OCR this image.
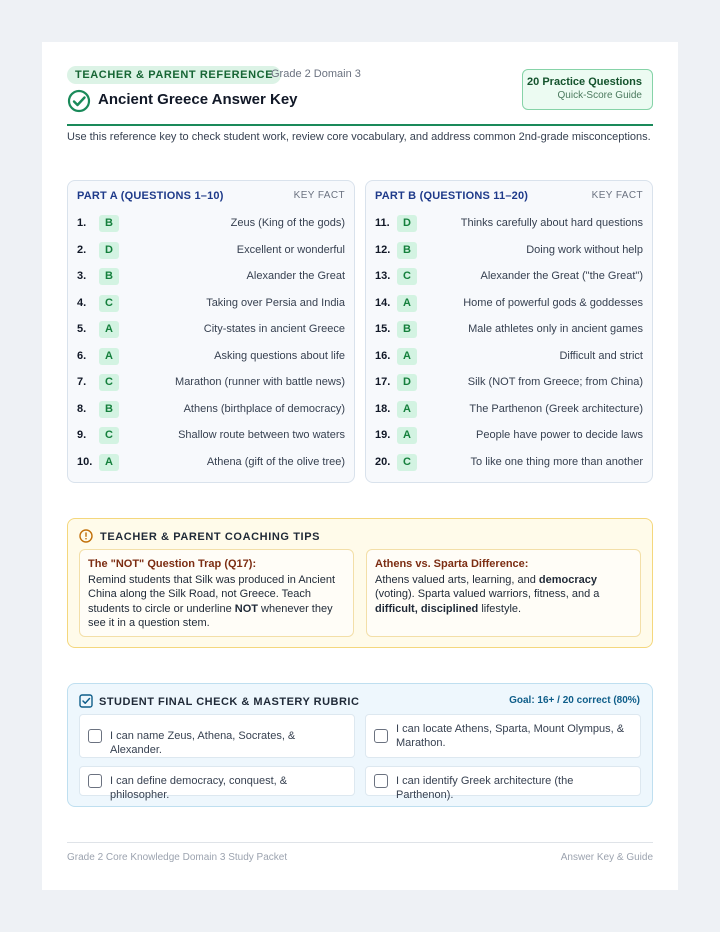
TEACHER & PARENT REFERENCE
Grade 2 Domain 3
Ancient Greece Answer Key
20 Practice Questions
Quick-Score Guide
Use this reference key to check student work, review core vocabulary, and address common 2nd-grade misconceptions.
PART A (QUESTIONS 1–10)	KEY FACT
1.	B	Zeus (King of the gods)
2.	D	Excellent or wonderful
3.	B	Alexander the Great
4.	C	Taking over Persia and India
5.	A	City-states in ancient Greece
6.	A	Asking questions about life
7.	C	Marathon (runner with battle news)
8.	B	Athens (birthplace of democracy)
9.	C	Shallow route between two waters
10.	A	Athena (gift of the olive tree)
PART B (QUESTIONS 11–20)	KEY FACT
11.	D	Thinks carefully about hard questions
12.	B	Doing work without help
13.	C	Alexander the Great ("the Great")
14.	A	Home of powerful gods & goddesses
15.	B	Male athletes only in ancient games
16.	A	Difficult and strict
17.	D	Silk (NOT from Greece; from China)
18.	A	The Parthenon (Greek architecture)
19.	A	People have power to decide laws
20.	C	To like one thing more than another
TEACHER & PARENT COACHING TIPS
The "NOT" Question Trap (Q17):
Remind students that Silk was produced in Ancient China along the Silk Road, not Greece. Teach students to circle or underline NOT whenever they see it in a question stem.
Athens vs. Sparta Difference:
Athens valued arts, learning, and democracy (voting). Sparta valued warriors, fitness, and a difficult, disciplined lifestyle.
STUDENT FINAL CHECK & MASTERY RUBRIC	Goal: 16+ / 20 correct (80%)
I can name Zeus, Athena, Socrates, & Alexander.
I can locate Athens, Sparta, Mount Olympus, & Marathon.
I can define democracy, conquest, & philosopher.
I can identify Greek architecture (the Parthenon).
Grade 2 Core Knowledge Domain 3 Study Packet	Answer Key & Guide
